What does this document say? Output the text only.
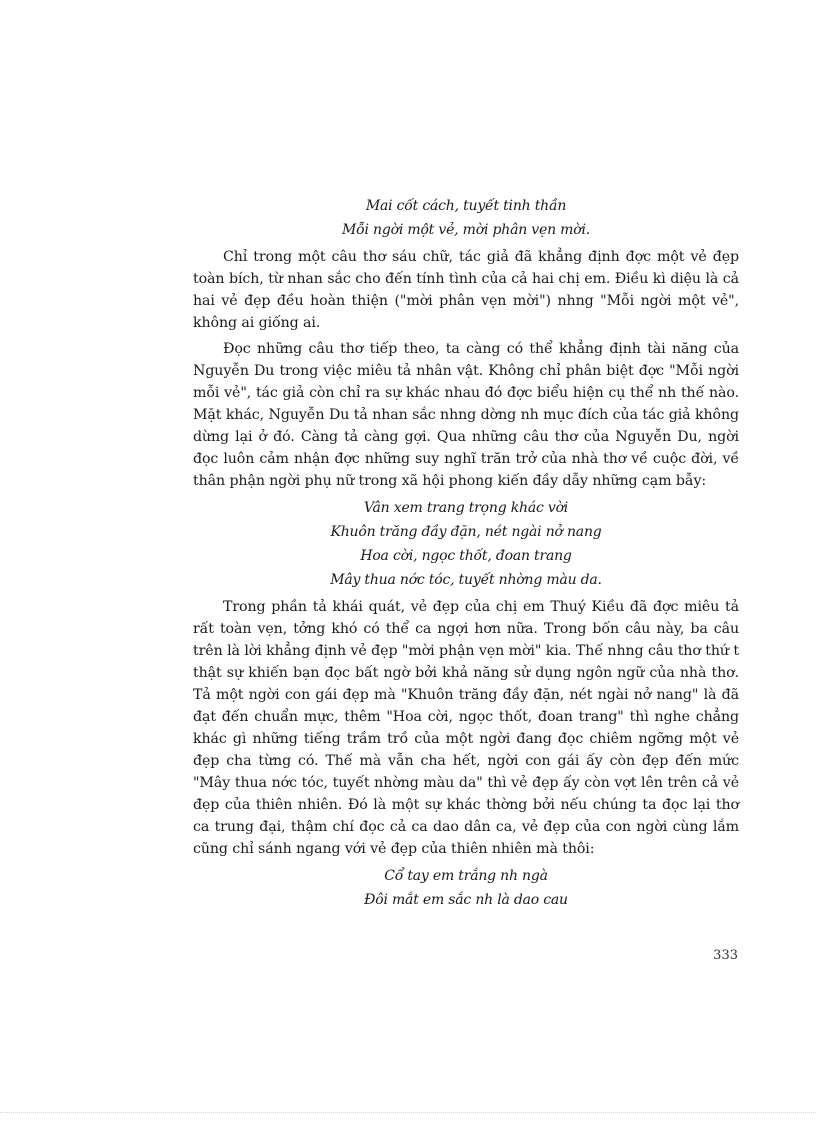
Mai cốt cách, tuyết tinh thần

Mỗi ngời một vẻ, mời phân vẹn mời.

Chỉ trong một câu thơ sáu chữ, tác giả đã khẳng định đợc một vẻ đẹp toàn bích, từ nhan sắc cho đến tính tình của cả hai chị em. Điều kì diệu là cả hai vẻ đẹp đều hoàn thiện ("mời phân vẹn mời") nhng "Mỗi ngời một vẻ", không ai giống ai.

Đọc những câu thơ tiếp theo, ta càng có thể khẳng định tài năng của Nguyễn Du trong việc miêu tả nhân vật. Không chỉ phân biệt đợc "Mỗi ngời mỗi vẻ", tác giả còn chỉ ra sự khác nhau đó đợc biểu hiện cụ thể nh thế nào. Mặt khác, Nguyễn Du tả nhan sắc nhng dờng nh mục đích của tác giả không dừng lại ở đó. Càng tả càng gợi. Qua những câu thơ của Nguyễn Du, ngời đọc luôn cảm nhận đợc những suy nghĩ trăn trở của nhà thơ về cuộc đời, về thân phận ngời phụ nữ trong xã hội phong kiến đầy dẫy những cạm bẫy:

Vân xem trang trọng khác vời

Khuôn trăng đầy đặn, nét ngài nở nang

Hoa cời, ngọc thốt, đoan trang

Mây thua nớc tóc, tuyết nhờng màu da.

Trong phần tả khái quát, vẻ đẹp của chị em Thuý Kiều đã đợc miêu tả rất toàn vẹn, tởng khó có thể ca ngợi hơn nữa. Trong bốn câu này, ba câu trên là lời khẳng định vẻ đẹp "mời phận vẹn mời" kia. Thế nhng câu thơ thứ t thật sự khiến bạn đọc bất ngờ bởi khả năng sử dụng ngôn ngữ của nhà thơ. Tả một ngời con gái đẹp mà "Khuôn trăng đầy đặn, nét ngài nở nang" là đã đạt đến chuẩn mực, thêm "Hoa cời, ngọc thốt, đoan trang" thì nghe chẳng khác gì những tiếng trầm trồ của một ngời đang đọc chiêm ngỡng một vẻ đẹp cha từng có. Thế mà vẫn cha hết, ngời con gái ấy còn đẹp đến mức "Mây thua nớc tóc, tuyết nhờng màu da" thì vẻ đẹp ấy còn vợt lên trên cả vẻ đẹp của thiên nhiên. Đó là một sự khác thờng bởi nếu chúng ta đọc lại thơ ca trung đại, thậm chí đọc cả ca dao dân ca, vẻ đẹp của con ngời cùng lắm cũng chỉ sánh ngang với vẻ đẹp của thiên nhiên mà thôi:

Cổ tay em trắng nh ngà

Đôi mắt em sắc nh là dao cau

333
